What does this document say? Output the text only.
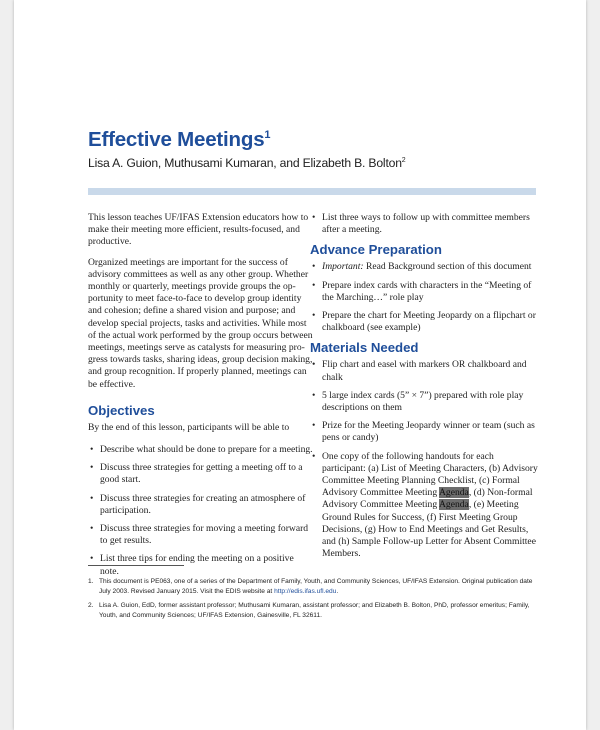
Effective Meetings$^1$
Lisa A. Guion, Muthusami Kumaran, and Elizabeth B. Bolton$^2$

This lesson teaches UF/IFAS Extension educators how to make their meeting more efficient, results-focused, and productive.

Organized meetings are important for the success of
advisory committees as well as any other group. Whether
monthly or quarterly, meetings provide groups the op-
portunity to meet face-to-face to develop group identity
and cohesion; define a shared vision and purpose; and
develop special projects, tasks and activities. While most
of the actual work performed by the group occurs between
meetings, meetings serve as catalysts for measuring pro-
gress towards tasks, sharing ideas, group decision making,
and group recognition. If properly planned, meetings can
be effective.

Objectives

By the end of this lesson, participants will be able to

• Describe what should be done to prepare for a meeting.
• Discuss three strategies for getting a meeting off to a good start.
• Discuss three strategies for creating an atmosphere of participation.
• Discuss three strategies for moving a meeting forward to get results.
• List three tips for ending the meeting on a positive note.
• List three ways to follow up with committee members after a meeting.
Advance Preparation
• Important: Read Background section of this document
• Prepare index cards with characters in the “Meeting of the Marching…” role play
• Prepare the chart for Meeting Jeopardy on a flipchart or chalkboard (see example)
Materials Needed
• Flip chart and easel with markers OR chalkboard and chalk
• 5 large index cards (5” × 7”) prepared with role play descriptions on them
• Prize for the Meeting Jeopardy winner or team (such as pens or candy)
• One copy of the following handouts for each participant: (a) List of Meeting Characters, (b) Advisory Committee Meeting Planning Checklist, (c) Formal Advisory Committee Meeting Agenda, (d) Non-formal Advisory Committee Meeting Agenda, (e) Meeting Ground Rules for Success, (f) First Meeting Group Decisions, (g) How to End Meetings and Get Results, and (h) Sample Follow-up Letter for Absent Committee Members.
1. This document is PE063, one of a series of the Department of Family, Youth, and Community Sciences, UF/IFAS Extension. Original publication date July 2003. Revised January 2015. Visit the EDIS website at http://edis.ifas.ufl.edu.
2. Lisa A. Guion, EdD, former assistant professor; Muthusami Kumaran, assistant professor; and Elizabeth B. Bolton, PhD, professor emeritus; Family, Youth, and Community Sciences; UF/IFAS Extension, Gainesville, FL 32611.
